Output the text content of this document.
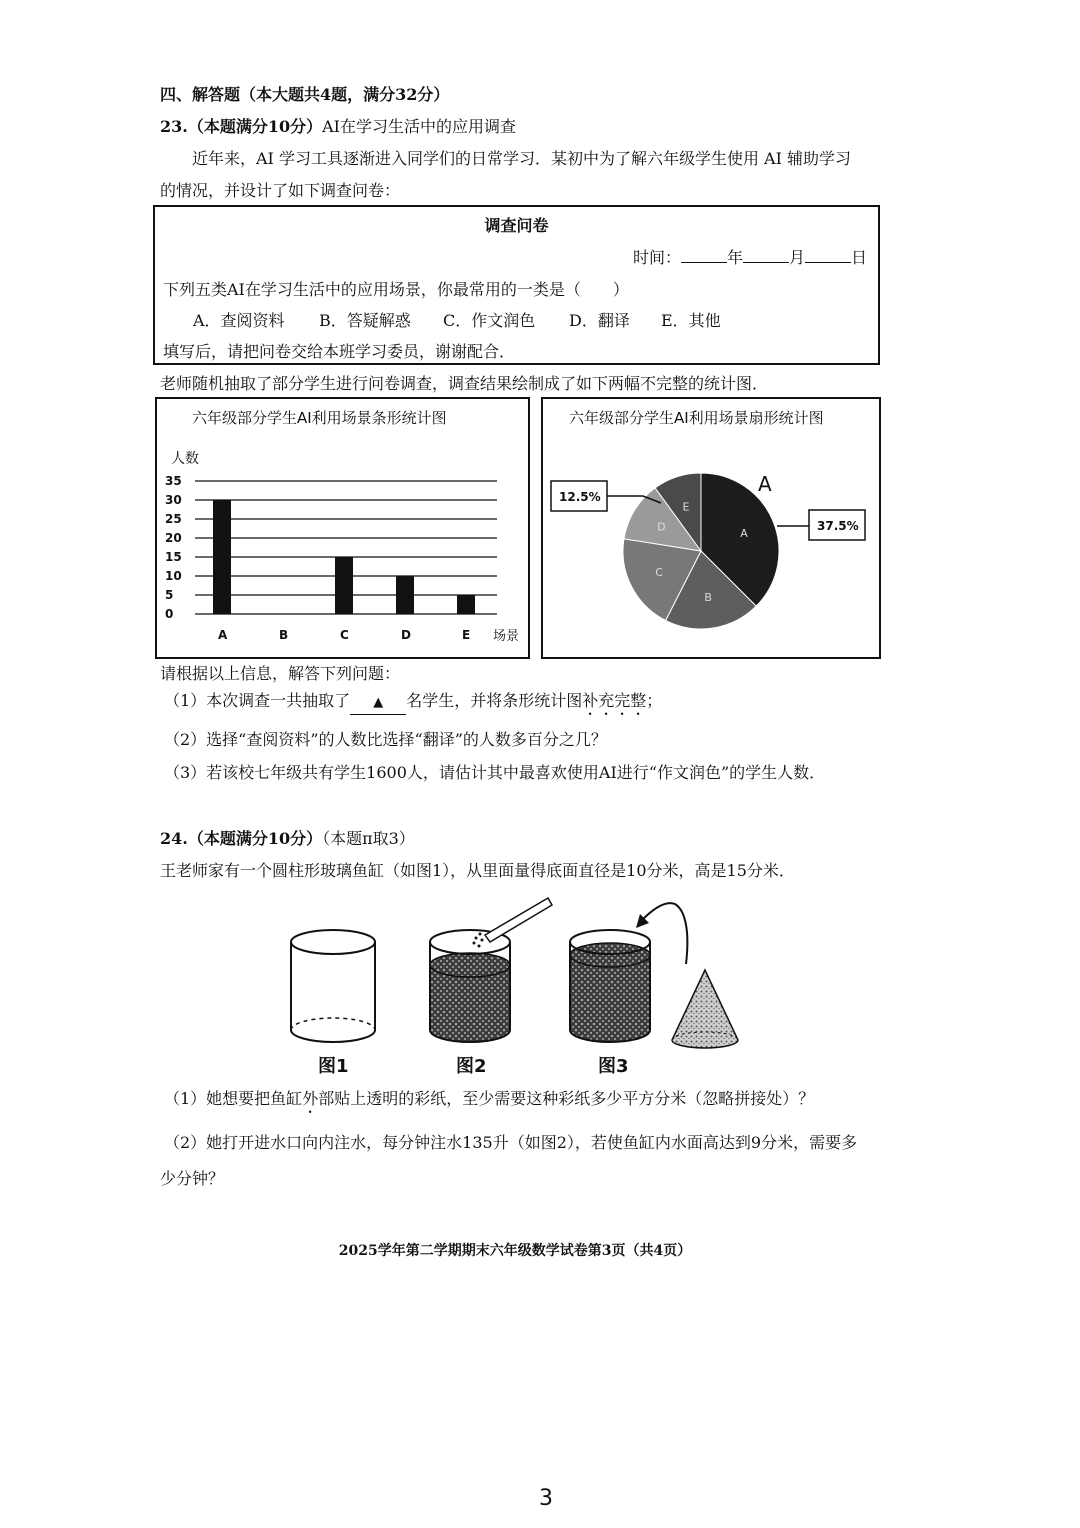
四、解答题（本大题共4题，满分32分）
23.（本题满分10分）AI在学习生活中的应用调查
近年来，AI 学习工具逐渐进入同学们的日常学习．某初中为了解六年级学生使用 AI 辅助学习
的情况，并设计了如下调查问卷：
调查问卷
时间：	年	月	日
下列五类AI在学习生活中的应用场景，你最常用的一类是（　　）
A．查阅资料 B．答疑解惑 C．作文润色 D．翻译 E．其他
填写后，请把问卷交给本班学习委员，谢谢配合．
老师随机抽取了部分学生进行问卷调查，调查结果绘制成了如下两幅不完整的统计图．
六年级部分学生AI利用场景条形统计图
人数
场景
0
5
10
15
20
25
30
35
A	B	C	D	E
六年级部分学生AI利用场景扇形统计图
A
B
C
D
E
A
37.5%
12.5%
请根据以上信息，解答下列问题：
（1）本次调查一共抽取了 ▲ 名学生，并将条形统计图补充完整；
（2）选择“查阅资料”的人数比选择“翻译”的人数多百分之几？
（3）若该校七年级共有学生1600人，请估计其中最喜欢使用AI进行“作文润色”的学生人数．
24.（本题满分10分）（本题π取3）
王老师家有一个圆柱形玻璃鱼缸（如图1），从里面量得底面直径是10分米，高是15分米．
图1	图2	图3
（1）她想要把鱼缸外部贴上透明的彩纸，至少需要这种彩纸多少平方分米（忽略拼接处）？
（2）她打开进水口向内注水，每分钟注水135升（如图2），若使鱼缸内水面高达到9分米，需要多
少分钟？
2025学年第二学期期末六年级数学试卷第3页（共4页）
3
